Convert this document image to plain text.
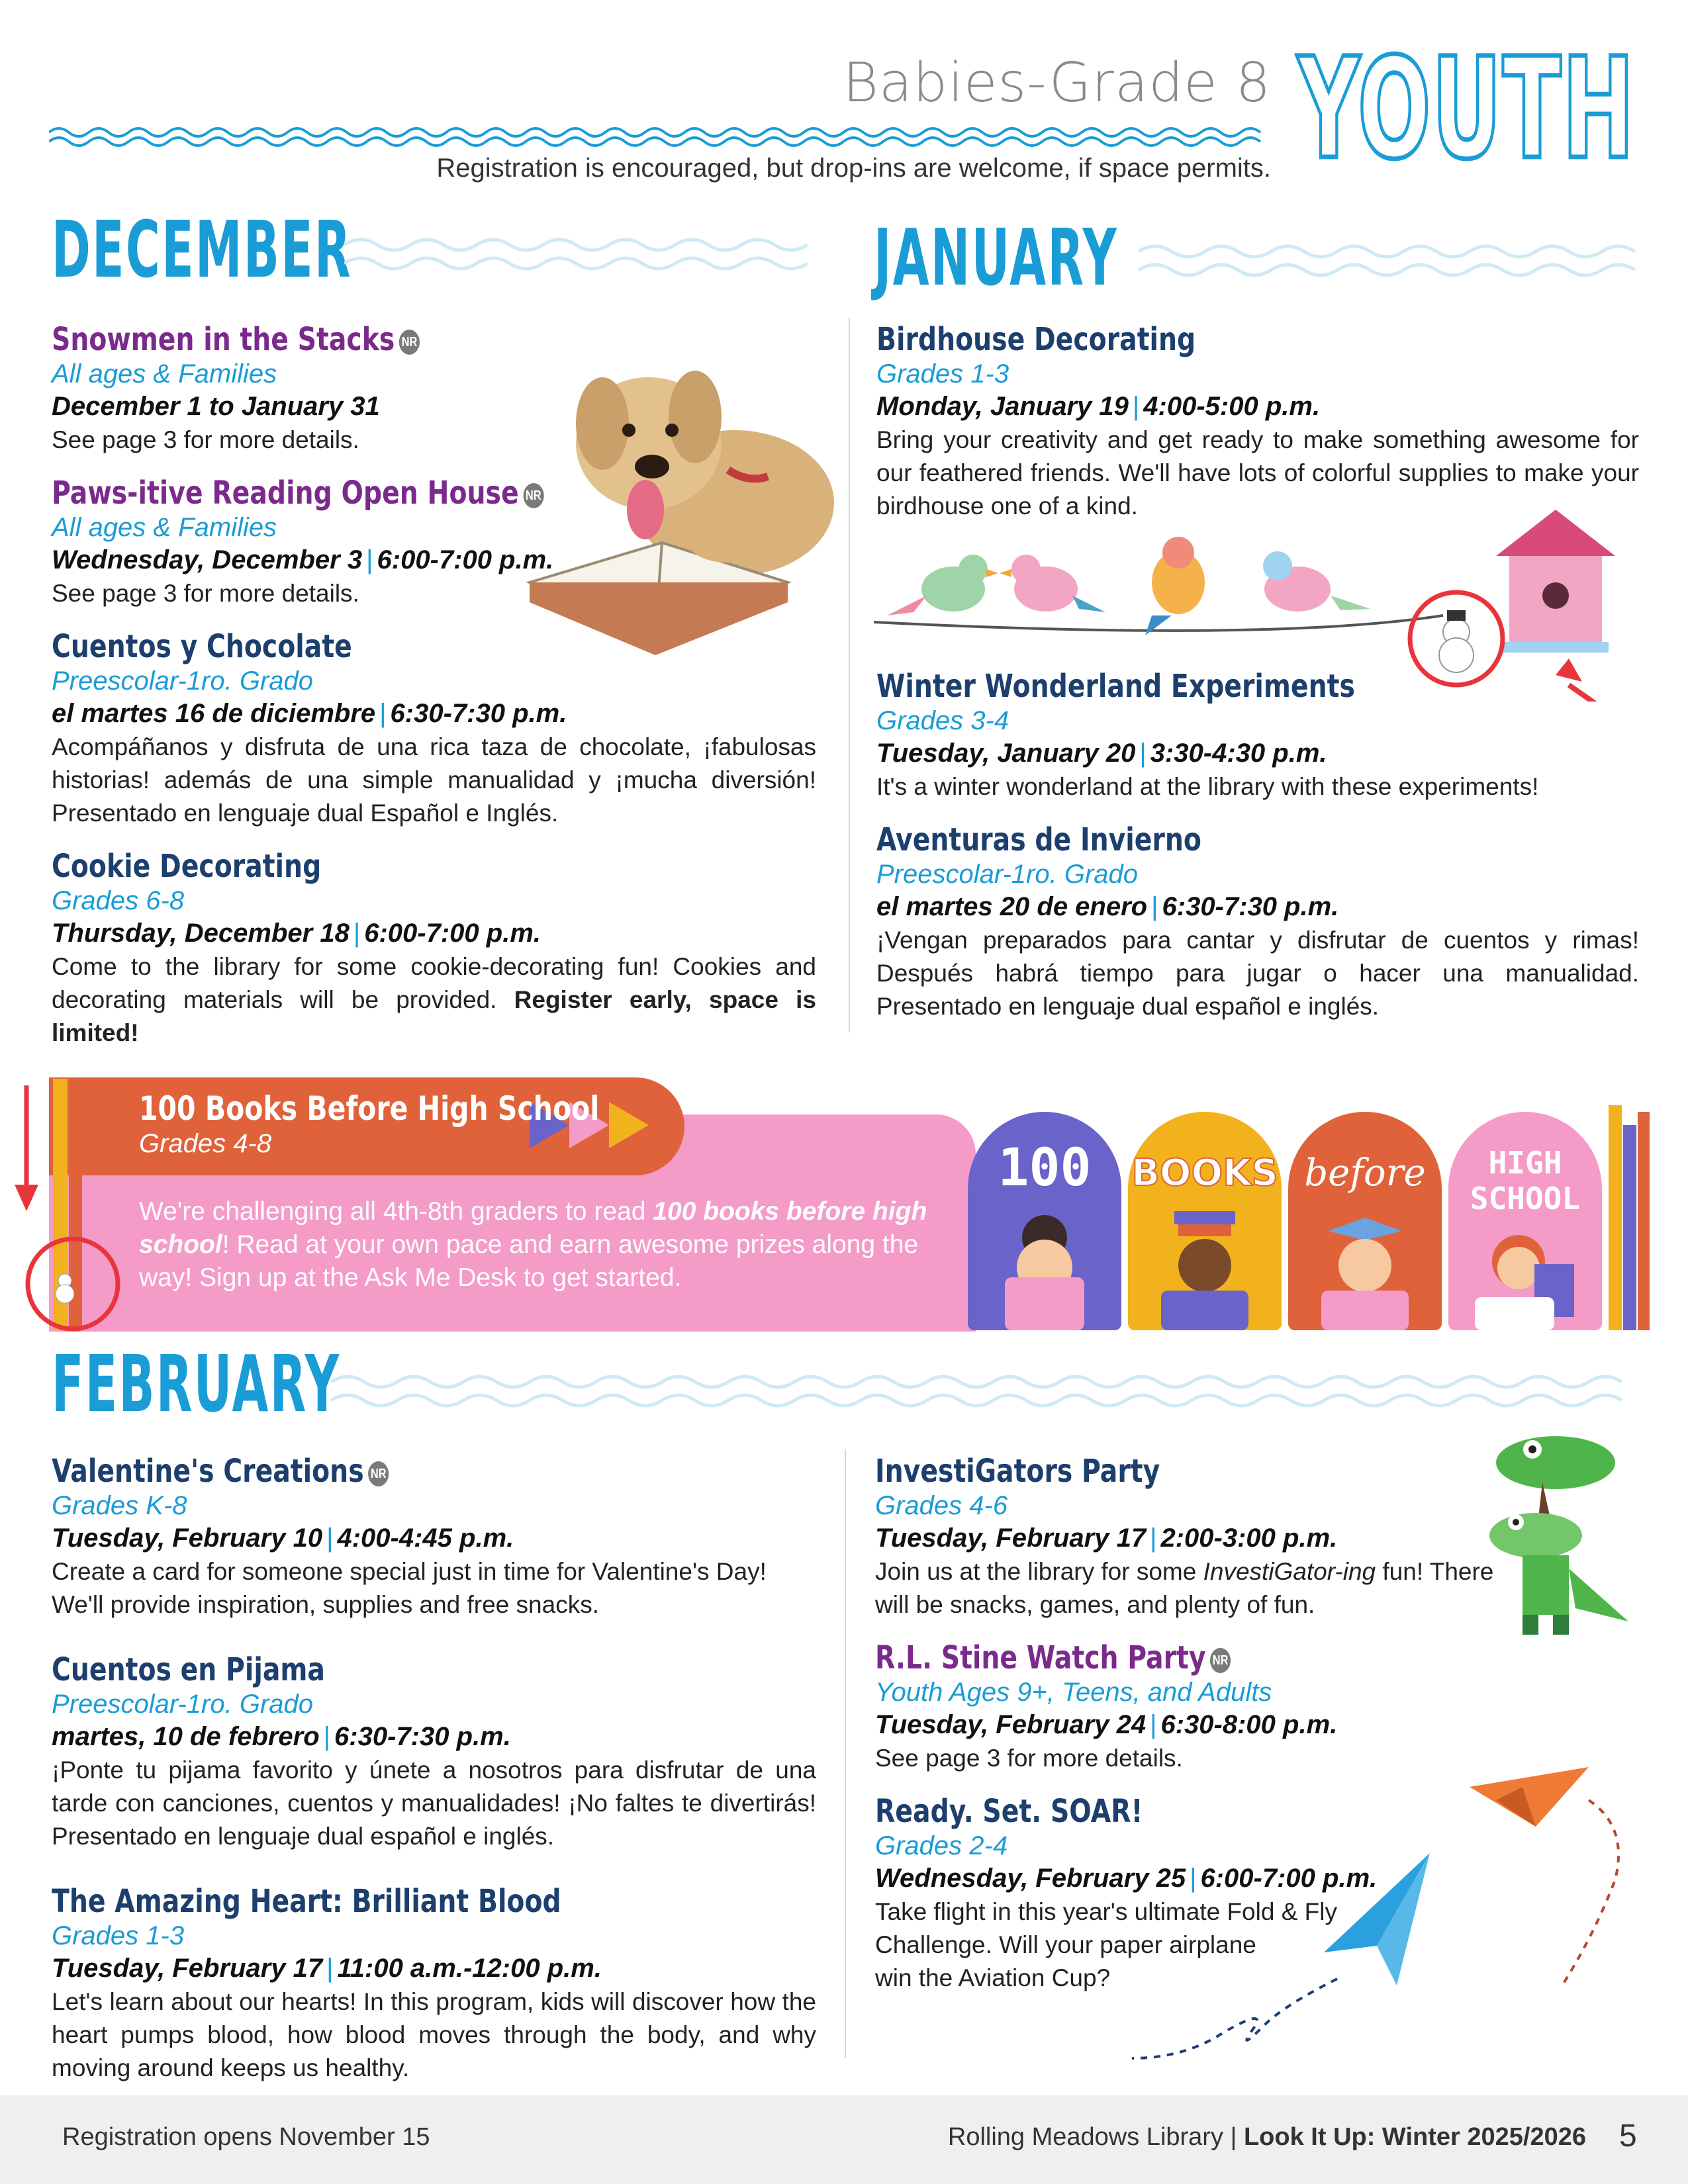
Babies-Grade 8
Registration is encouraged, but drop-ins are welcome, if space permits. YOUTH
DECEMBER
Snowmen in the Stacks NR
All ages & Families
December 1 to January 31
See page 3 for more details.
Paws-itive Reading Open House NR
All ages & Families
Wednesday, December 3 | 6:00-7:00 p.m.
See page 3 for more details.
Cuentos y Chocolate
Preescolar-1ro. Grado
el martes 16 de diciembre | 6:30-7:30 p.m.
Acompáñanos y disfruta de una rica taza de chocolate, ¡fabulosas historias! además de una simple manualidad y ¡mucha diversión! Presentado en lenguaje dual Español e Inglés.
Cookie Decorating
Grades 6-8
Thursday, December 18 | 6:00-7:00 p.m.
Come to the library for some cookie-decorating fun! Cookies and decorating materials will be provided. Register early, space is limited!
JANUARY
Birdhouse Decorating
Grades 1-3
Monday, January 19 | 4:00-5:00 p.m.
Bring your creativity and get ready to make something awesome for our feathered friends. We'll have lots of colorful supplies to make your birdhouse one of a kind.
Winter Wonderland Experiments
Grades 3-4
Tuesday, January 20 | 3:30-4:30 p.m.
It's a winter wonderland at the library with these experiments!
Aventuras de Invierno
Preescolar-1ro. Grado
el martes 20 de enero | 6:30-7:30 p.m.
¡Vengan preparados para cantar y disfrutar de cuentos y rimas! Después habrá tiempo para jugar o hacer una manualidad. Presentado en lenguaje dual español e inglés.
100 Books Before High School
Grades 4-8
We're challenging all 4th-8th graders to read 100 books before high school! Read at your own pace and earn awesome prizes along the way! Sign up at the Ask Me Desk to get started.
100	BOOKS before	HIGH SCHOOL
FEBRUARY
Valentine's Creations NR
Grades K-8
Tuesday, February 10 | 4:00-4:45 p.m.
Create a card for someone special just in time for Valentine's Day! We'll provide inspiration, supplies and free snacks.
Cuentos en Pijama
Preescolar-1ro. Grado
martes, 10 de febrero | 6:30-7:30 p.m.
¡Ponte tu pijama favorito y únete a nosotros para disfrutar de una tarde con canciones, cuentos y manualidades! ¡No faltes te divertirás! Presentado en lenguaje dual español e inglés.
The Amazing Heart: Brilliant Blood
Grades 1-3
Tuesday, February 17 | 11:00 a.m.-12:00 p.m.
Let's learn about our hearts! In this program, kids will discover how the heart pumps blood, how blood moves through the body, and why moving around keeps us healthy.
InvestiGators Party
Grades 4-6
Tuesday, February 17 | 2:00-3:00 p.m.
Join us at the library for some InvestiGator-ing fun! There will be snacks, games, and plenty of fun.
R.L. Stine Watch Party NR
Youth Ages 9+, Teens, and Adults
Tuesday, February 24 | 6:30-8:00 p.m.
See page 3 for more details.
Ready. Set. SOAR!
Grades 2-4
Wednesday, February 25 | 6:00-7:00 p.m.
Take flight in this year's ultimate Fold & Fly
Challenge. Will your paper airplane
win the Aviation Cup?
Registration opens November 15	Rolling Meadows Library | Look It Up: Winter 2025/2026 5
